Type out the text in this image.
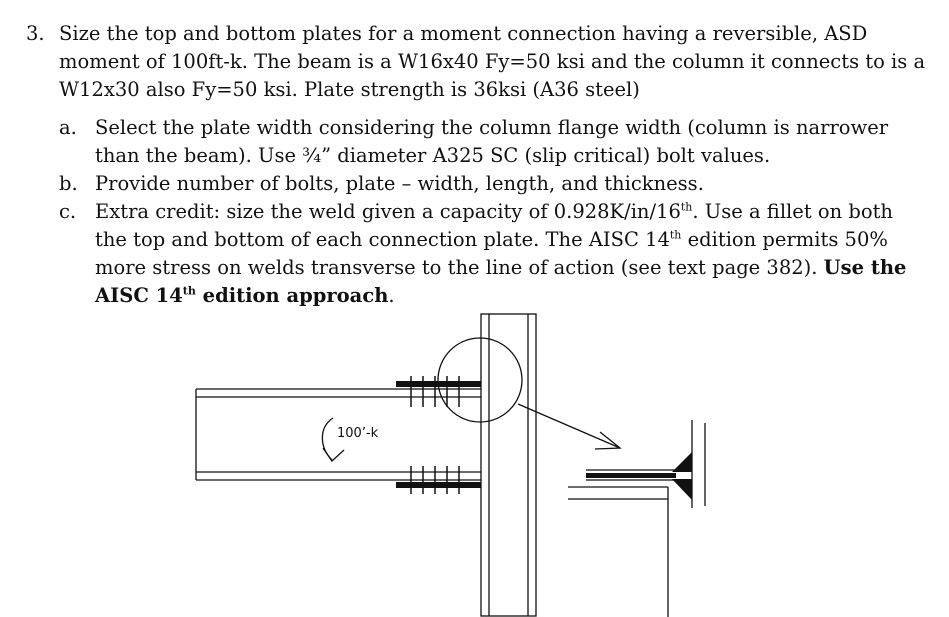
3. Size the top and bottom plates for a moment connection having a reversible, ASD moment of 100ft-k. The beam is a W16x40 Fy=50 ksi and the column it connects to is a W12x30 also Fy=50 ksi. Plate strength is 36ksi (A36 steel)
a. Select the plate width considering the column flange width (column is narrower than the beam). Use ¾” diameter A325 SC (slip critical) bolt values.
b. Provide number of bolts, plate – width, length, and thickness.
c. Extra credit: size the weld given a capacity of 0.928K/in/16th. Use a fillet on both the top and bottom of each connection plate. The AISC 14th edition permits 50% more stress on welds transverse to the line of action (see text page 382). Use the AISC 14th edition approach.
100’-k
